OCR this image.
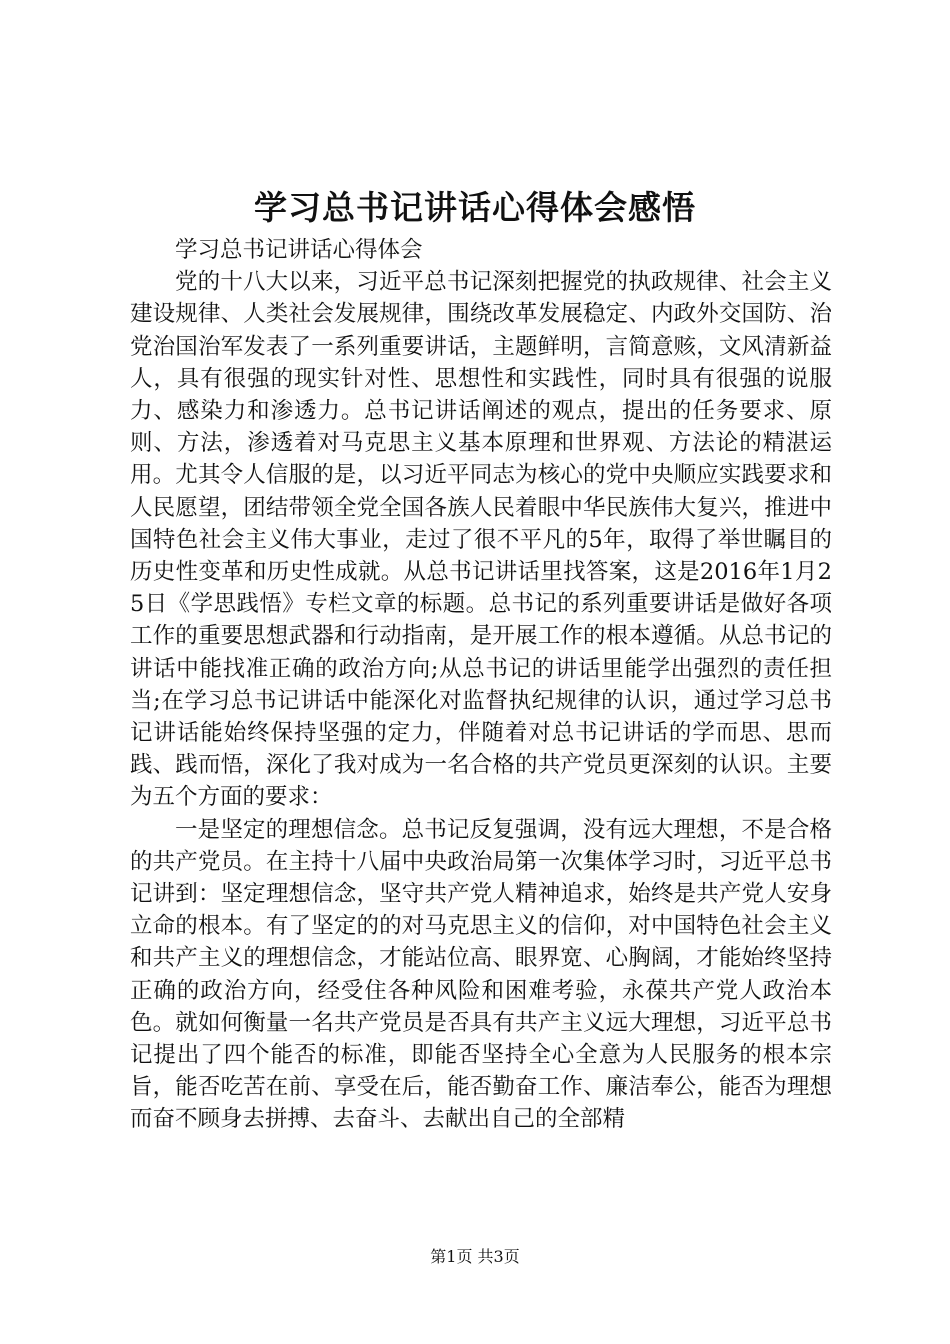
学习总书记讲话心得体会感悟

学习总书记讲话心得体会

党的十八大以来，习近平总书记深刻把握党的执政规律、社会主义建设规律、人类社会发展规律，围绕改革发展稳定、内政外交国防、治党治国治军发表了一系列重要讲话，主题鲜明，言简意赅，文风清新益人，具有很强的现实针对性、思想性和实践性，同时具有很强的说服力、感染力和渗透力。总书记讲话阐述的观点，提出的任务要求、原则、方法，渗透着对马克思主义基本原理和世界观、方法论的精湛运用。尤其令人信服的是，以习近平同志为核心的党中央顺应实践要求和人民愿望，团结带领全党全国各族人民着眼中华民族伟大复兴，推进中国特色社会主义伟大事业，走过了很不平凡的5年，取得了举世瞩目的历史性变革和历史性成就。从总书记讲话里找答案，这是2016年1月25日《学思践悟》专栏文章的标题。总书记的系列重要讲话是做好各项工作的重要思想武器和行动指南，是开展工作的根本遵循。从总书记的讲话中能找准正确的政治方向;从总书记的讲话里能学出强烈的责任担当;在学习总书记讲话中能深化对监督执纪规律的认识，通过学习总书记讲话能始终保持坚强的定力，伴随着对总书记讲话的学而思、思而践、践而悟，深化了我对成为一名合格的共产党员更深刻的认识。主要为五个方面的要求：

一是坚定的理想信念。总书记反复强调，没有远大理想，不是合格的共产党员。在主持十八届中央政治局第一次集体学习时，习近平总书记讲到：坚定理想信念，坚守共产党人精神追求，始终是共产党人安身立命的根本。有了坚定的的对马克思主义的信仰，对中国特色社会主义和共产主义的理想信念，才能站位高、眼界宽、心胸阔，才能始终坚持正确的政治方向，经受住各种风险和困难考验，永葆共产党人政治本色。就如何衡量一名共产党员是否具有共产主义远大理想，习近平总书记提出了四个能否的标准，即能否坚持全心全意为人民服务的根本宗旨，能否吃苦在前、享受在后，能否勤奋工作、廉洁奉公，能否为理想而奋不顾身去拼搏、去奋斗、去献出自己的全部精

第1页 共3页
